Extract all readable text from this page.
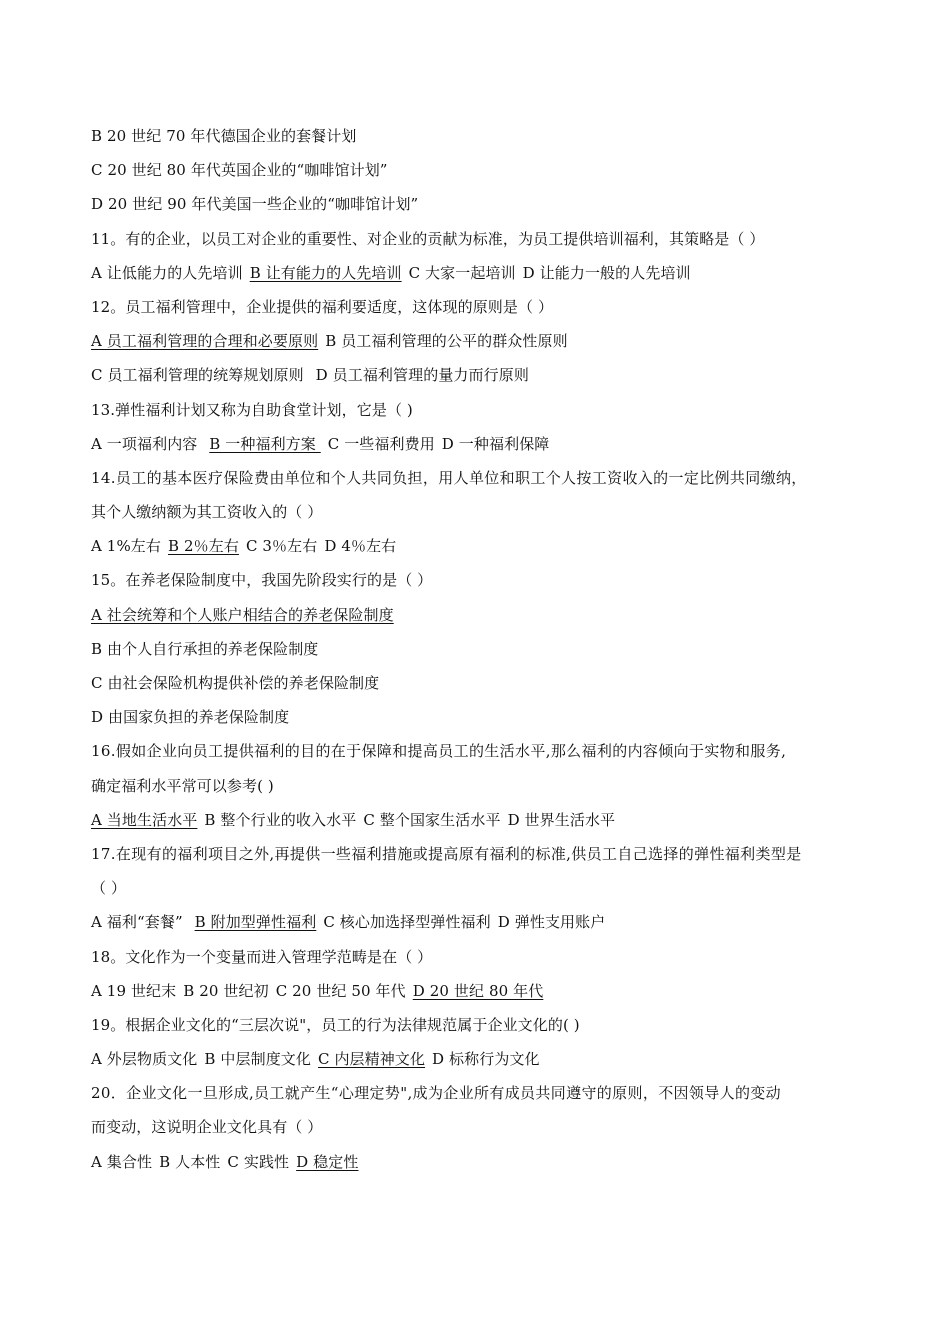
B 20 世纪 70 年代德国企业的套餐计划
C 20 世纪 80 年代英国企业的“咖啡馆计划”
D 20 世纪 90 年代美国一些企业的“咖啡馆计划”
11。有的企业，以员工对企业的重要性、对企业的贡献为标准，为员工提供培训福利，其策略是（ ）
A 让低能力的人先培训 B 让有能力的人先培训 C 大家一起培训 D 让能力一般的人先培训
12。员工福利管理中，企业提供的福利要适度，这体现的原则是（ ）
A 员工福利管理的合理和必要原则 B 员工福利管理的公平的群众性原则
C 员工福利管理的统筹规划原则 D 员工福利管理的量力而行原则
13.弹性福利计划又称为自助食堂计划，它是（ )
A 一项福利内容 B 一种福利方案 C 一些福利费用 D 一种福利保障
14.员工的基本医疗保险费由单位和个人共同负担，用人单位和职工个人按工资收入的一定比例共同缴纳，
其个人缴纳额为其工资收入的（ ）
A 1%左右 B 2％左右 C 3％左右 D 4％左右
15。在养老保险制度中，我国先阶段实行的是（ ）
A 社会统筹和个人账户相结合的养老保险制度
B 由个人自行承担的养老保险制度
C 由社会保险机构提供补偿的养老保险制度
D 由国家负担的养老保险制度
16.假如企业向员工提供福利的目的在于保障和提高员工的生活水平,那么福利的内容倾向于实物和服务,
确定福利水平常可以参考( )
A 当地生活水平 B 整个行业的收入水平 C 整个国家生活水平 D 世界生活水平
17.在现有的福利项目之外,再提供一些福利措施或提高原有福利的标准,供员工自己选择的弹性福利类型是
（ ）
A 福利“套餐” B 附加型弹性福利 C 核心加选择型弹性福利 D 弹性支用账户
18。文化作为一个变量而进入管理学范畴是在（ ）
A 19 世纪末 B 20 世纪初 C 20 世纪 50 年代 D 20 世纪 80 年代
19。根据企业文化的“三层次说"，员工的行为法律规范属于企业文化的( )
A 外层物质文化 B 中层制度文化 C 内层精神文化 D 标称行为文化
20．企业文化一旦形成,员工就产生“心理定势",成为企业所有成员共同遵守的原则，不因领导人的变动
而变动，这说明企业文化具有（ ）
A 集合性 B 人本性 C 实践性 D 稳定性
